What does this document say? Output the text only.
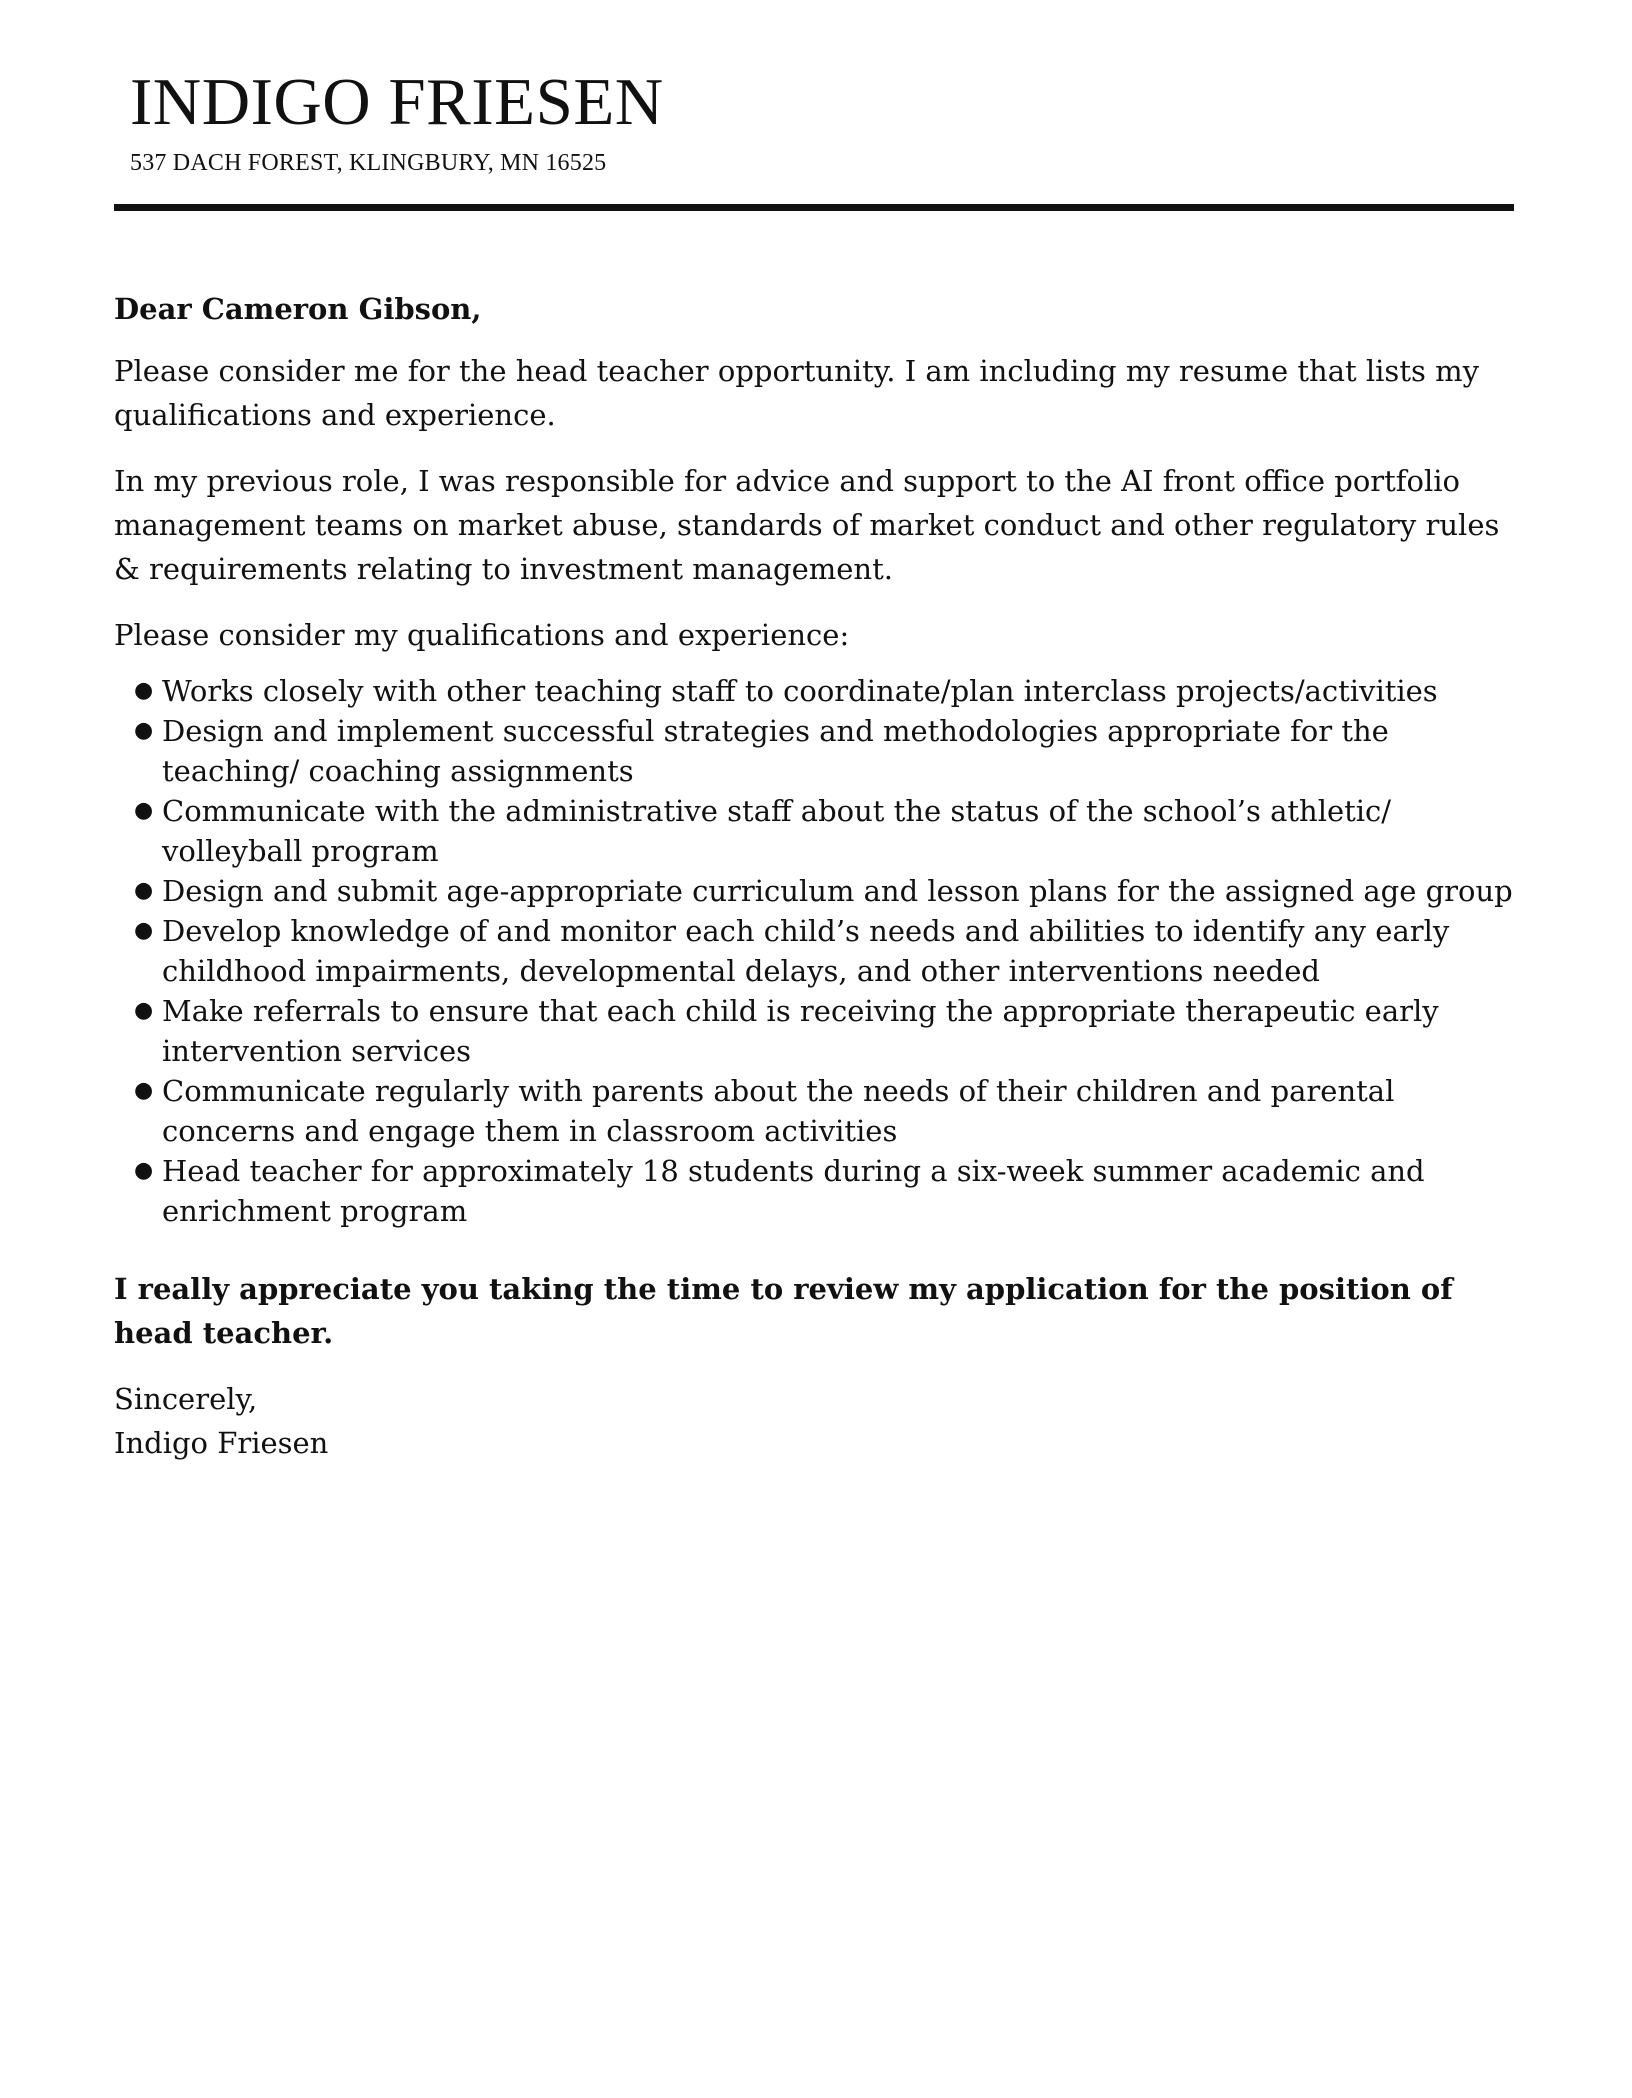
INDIGO FRIESEN
537 DACH FOREST, KLINGBURY, MN 16525

Dear Cameron Gibson,

Please consider me for the head teacher opportunity. I am including my resume that lists my qualifications and experience.

In my previous role, I was responsible for advice and support to the AI front office portfolio management teams on market abuse, standards of market conduct and other regulatory rules & requirements relating to investment management.

Please consider my qualifications and experience:

● Works closely with other teaching staff to coordinate/plan interclass projects/activities
● Design and implement successful strategies and methodologies appropriate for the teaching/ coaching assignments
● Communicate with the administrative staff about the status of the school’s athletic/ volleyball program
● Design and submit age-appropriate curriculum and lesson plans for the assigned age group
● Develop knowledge of and monitor each child’s needs and abilities to identify any early childhood impairments, developmental delays, and other interventions needed
● Make referrals to ensure that each child is receiving the appropriate therapeutic early intervention services
● Communicate regularly with parents about the needs of their children and parental concerns and engage them in classroom activities
● Head teacher for approximately 18 students during a six-week summer academic and enrichment program

I really appreciate you taking the time to review my application for the position of head teacher.

Sincerely,

Indigo Friesen
